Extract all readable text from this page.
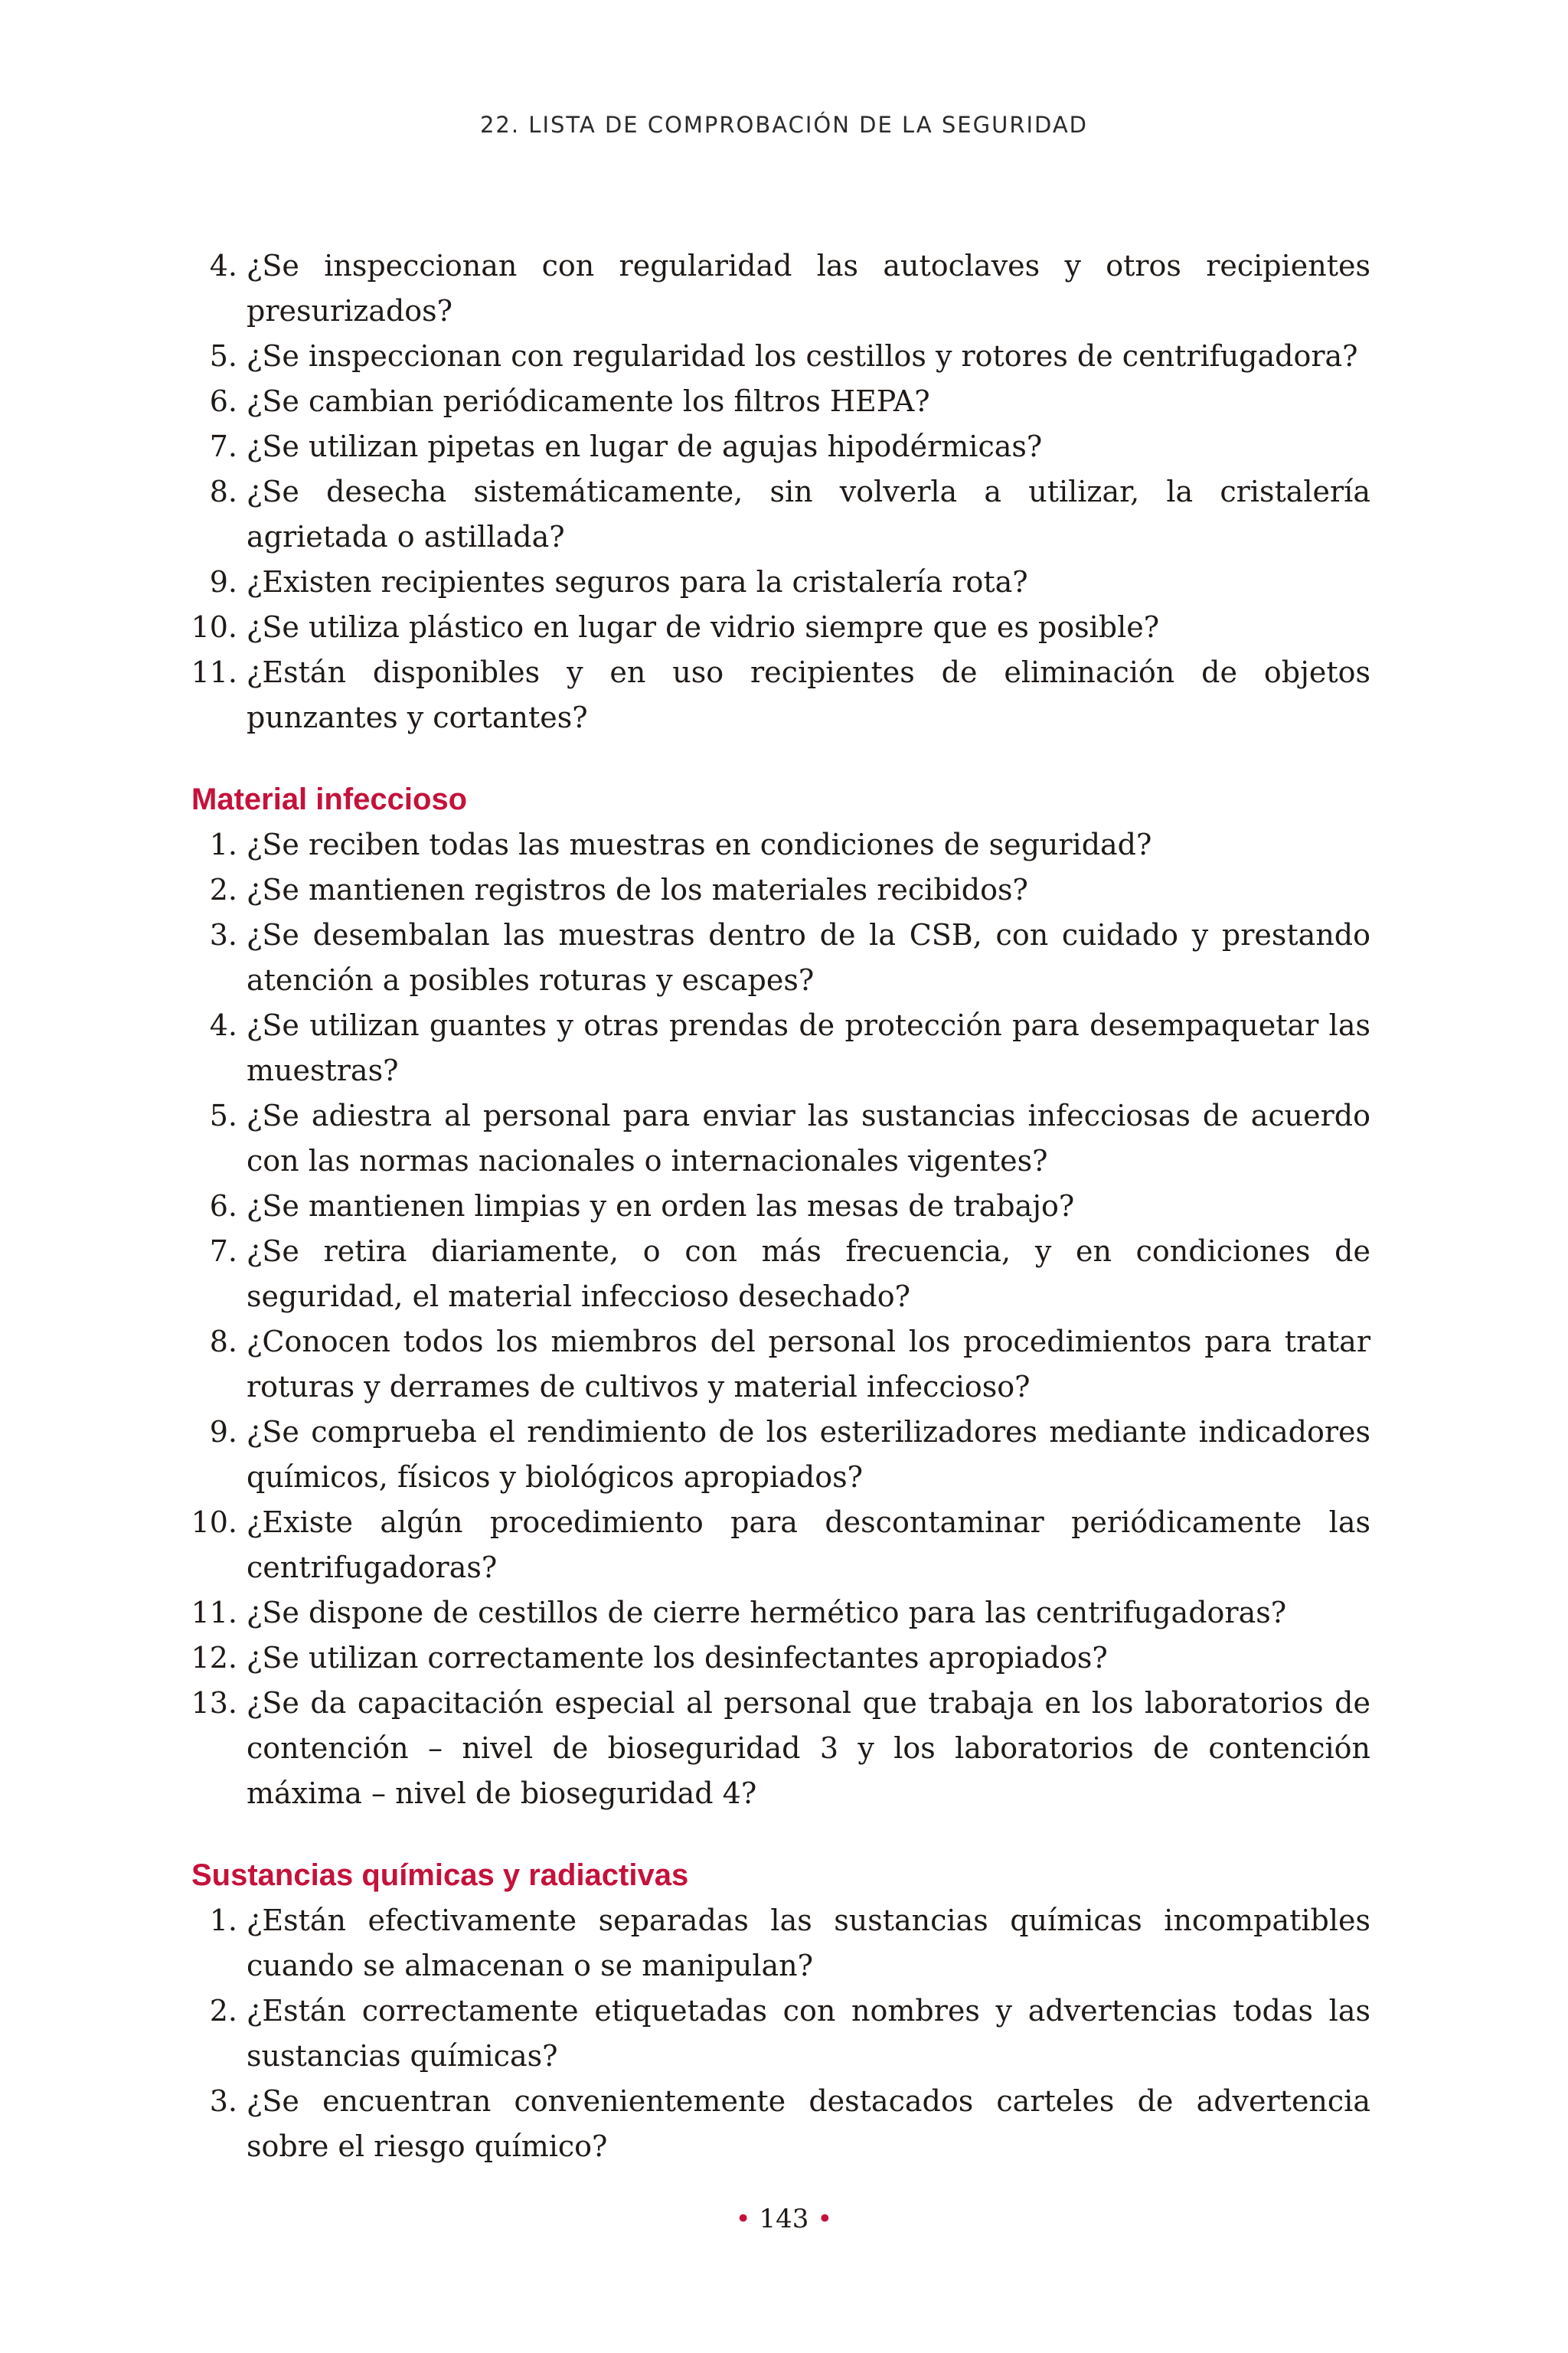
22. LISTA DE COMPROBACIÓN DE LA SEGURIDAD
4. ¿Se inspeccionan con regularidad las autoclaves y otros recipientes presurizados?
5. ¿Se inspeccionan con regularidad los cestillos y rotores de centrifugadora?
6. ¿Se cambian periódicamente los filtros HEPA?
7. ¿Se utilizan pipetas en lugar de agujas hipodérmicas?
8. ¿Se desecha sistemáticamente, sin volverla a utilizar, la cristalería agrietada o astillada?
9. ¿Existen recipientes seguros para la cristalería rota?
10. ¿Se utiliza plástico en lugar de vidrio siempre que es posible?
11. ¿Están disponibles y en uso recipientes de eliminación de objetos punzantes y cortantes?
Material infeccioso
1. ¿Se reciben todas las muestras en condiciones de seguridad?
2. ¿Se mantienen registros de los materiales recibidos?
3. ¿Se desembalan las muestras dentro de la CSB, con cuidado y prestando atención a posibles roturas y escapes?
4. ¿Se utilizan guantes y otras prendas de protección para desempaquetar las muestras?
5. ¿Se adiestra al personal para enviar las sustancias infecciosas de acuerdo con las normas nacionales o internacionales vigentes?
6. ¿Se mantienen limpias y en orden las mesas de trabajo?
7. ¿Se retira diariamente, o con más frecuencia, y en condiciones de seguridad, el material infeccioso desechado?
8. ¿Conocen todos los miembros del personal los procedimientos para tratar roturas y derrames de cultivos y material infeccioso?
9. ¿Se comprueba el rendimiento de los esterilizadores mediante indicadores químicos, físicos y biológicos apropiados?
10. ¿Existe algún procedimiento para descontaminar periódicamente las centrifugadoras?
11. ¿Se dispone de cestillos de cierre hermético para las centrifugadoras?
12. ¿Se utilizan correctamente los desinfectantes apropiados?
13. ¿Se da capacitación especial al personal que trabaja en los laboratorios de contención – nivel de bioseguridad 3 y los laboratorios de contención máxima – nivel de bioseguridad 4?
Sustancias químicas y radiactivas
1. ¿Están efectivamente separadas las sustancias químicas incompatibles cuando se almacenan o se manipulan?
2. ¿Están correctamente etiquetadas con nombres y advertencias todas las sustancias químicas?
3. ¿Se encuentran convenientemente destacados carteles de advertencia sobre el riesgo químico?
• 143 •
